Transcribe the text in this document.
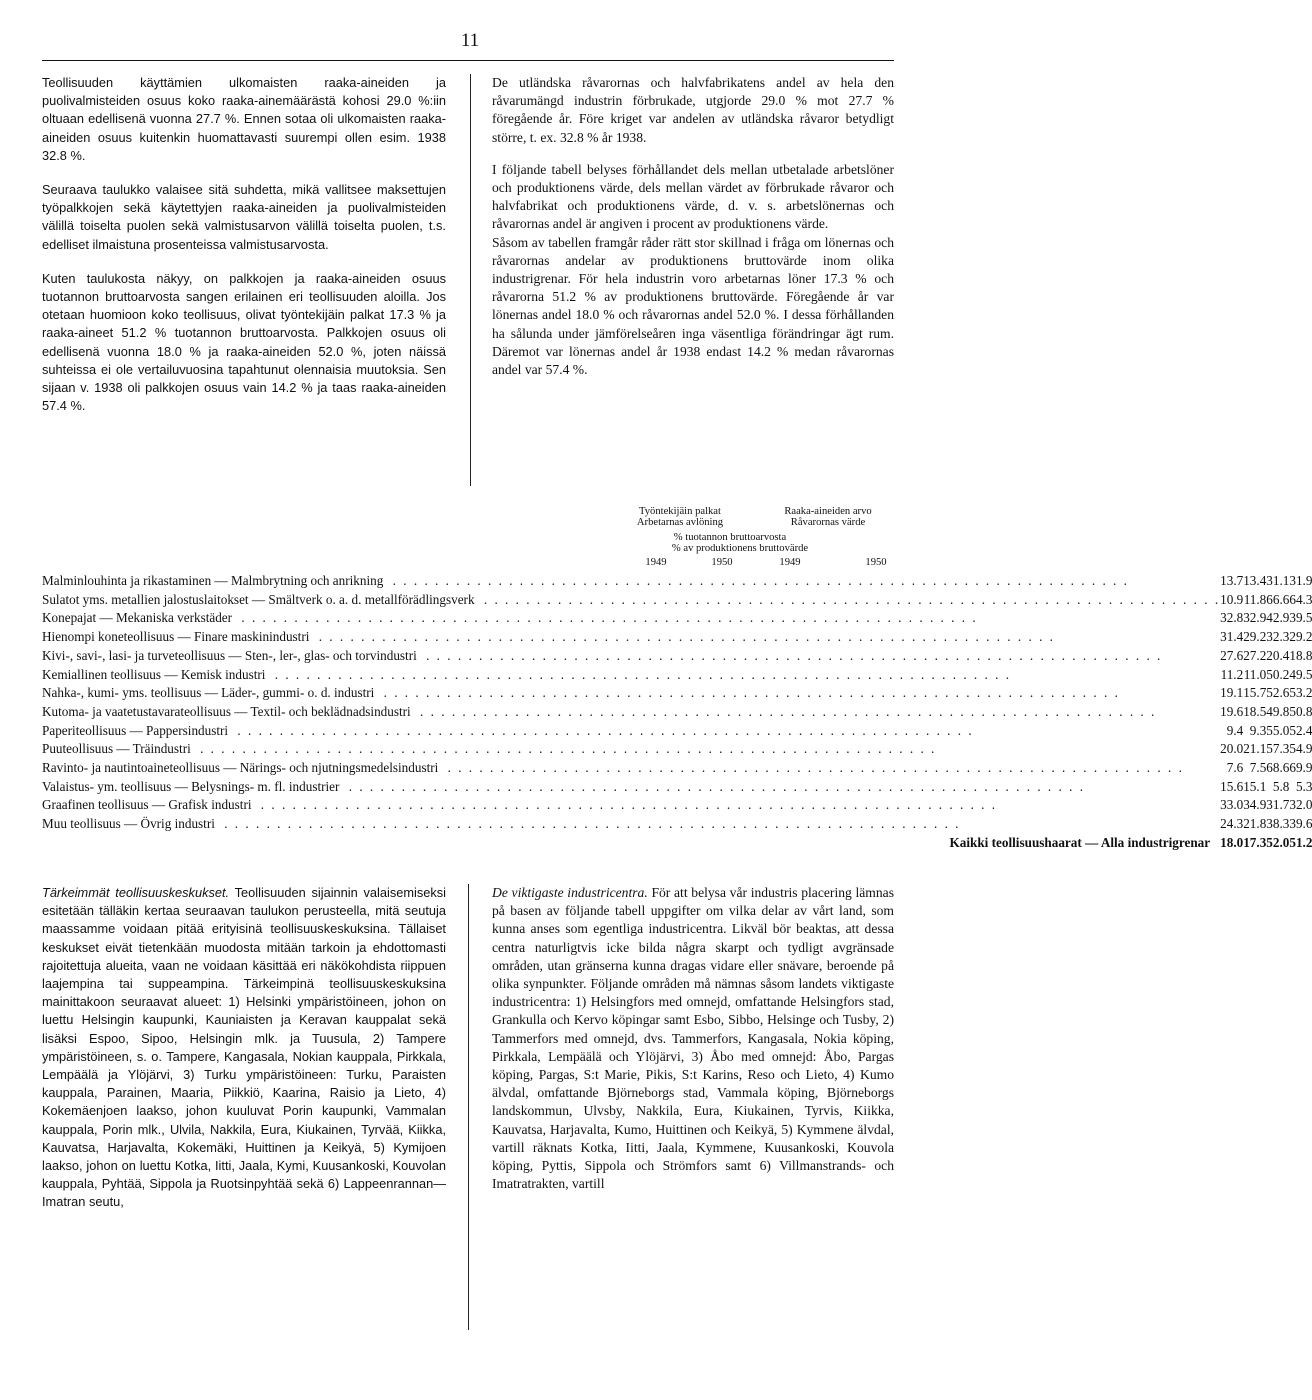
11

Teollisuuden käyttämien ulkomaisten raaka-aineiden ja puolivalmisteiden osuus koko raaka-ainemäärästä kohosi 29.0 %:iin oltuaan edellisenä vuonna 27.7 %. Ennen sotaa oli ulkomaisten raaka-aineiden osuus kuitenkin huomattavasti suurempi ollen esim. 1938 32.8 %.

Seuraava taulukko valaisee sitä suhdetta, mikä vallitsee maksettujen työpalkkojen sekä käytettyjen raaka-aineiden ja puolivalmisteiden välillä toiselta puolen sekä valmistusarvon välillä toiselta puolen, t.s. edelliset ilmaistuna prosenteissa valmistusarvosta.

Kuten taulukosta näkyy, on palkkojen ja raaka-aineiden osuus tuotannon bruttoarvosta sangen erilainen eri teollisuuden aloilla. Jos otetaan huomioon koko teollisuus, olivat työntekijäin palkat 17.3 % ja raaka-aineet 51.2 % tuotannon bruttoarvosta. Palkkojen osuus oli edellisenä vuonna 18.0 % ja raaka-aineiden 52.0 %, joten näissä suhteissa ei ole vertailuvuosina tapahtunut olennaisia muutoksia. Sen sijaan v. 1938 oli palkkojen osuus vain 14.2 % ja taas raaka-aineiden 57.4 %.

De utländska råvarornas och halvfabrikatens andel av hela den råvarumängd industrin förbrukade, utgjorde 29.0 % mot 27.7 % föregående år. Före kriget var andelen av utländska råvaror betydligt större, t. ex. 32.8 % år 1938.

I följande tabell belyses förhållandet dels mellan utbetalade arbetslöner och produktionens värde, dels mellan värdet av förbrukade råvaror och halvfabrikat och produktionens värde, d. v. s. arbetslönernas och råvarornas andel är angiven i procent av produktionens värde.

Såsom av tabellen framgår råder rätt stor skillnad i fråga om lönernas och råvarornas andelar av produktionens bruttovärde inom olika industrigrenar. För hela industrin voro arbetarnas löner 17.3 % och råvarorna 51.2 % av produktionens bruttovärde. Föregående år var lönernas andel 18.0 % och råvarornas andel 52.0 %. I dessa förhållanden ha sålunda under jämförelseåren inga väsentliga förändringar ägt rum. Däremot var lönernas andel år 1938 endast 14.2 % medan råvarornas andel var 57.4 %.

Työntekijäin palkat
Arbetarnas avlöning
Raaka-aineiden arvo
Råvarornas värde
% tuotannon bruttoarvosta
% av produktionens bruttovärde
1949	1950	1949	1950
Malminlouhinta ja rikastaminen — Malmbrytning och anrikning . . . . . . . . . . . . . . . . . . . . . . . . . . . . . . . . . . . . . . . . . . . . . . . . . . . . . . . . . . . . . . . . . . . . . .	13.7	13.4	31.1	31.9
Sulatot yms. metallien jalostuslaitokset — Smältverk o. a. d. metallförädlingsverk . . . . . . . . . . . . . . . . . . . . . . . . . . . . . . . . . . . . . . . . . . . . . . . . . . . . . . . . . . . . . . . . . . . . . .	10.9	11.8	66.6	64.3
Konepajat — Mekaniska verkstäder . . . . . . . . . . . . . . . . . . . . . . . . . . . . . . . . . . . . . . . . . . . . . . . . . . . . . . . . . . . . . . . . . . . . . .	32.8	32.9	42.9	39.5
Hienompi koneteollisuus — Finare maskinindustri . . . . . . . . . . . . . . . . . . . . . . . . . . . . . . . . . . . . . . . . . . . . . . . . . . . . . . . . . . . . . . . . . . . . . .	31.4	29.2	32.3	29.2
Kivi-, savi-, lasi- ja turveteollisuus — Sten-, ler-, glas- och torvindustri . . . . . . . . . . . . . . . . . . . . . . . . . . . . . . . . . . . . . . . . . . . . . . . . . . . . . . . . . . . . . . . . . . . . . .	27.6	27.2	20.4	18.8
Kemiallinen teollisuus — Kemisk industri . . . . . . . . . . . . . . . . . . . . . . . . . . . . . . . . . . . . . . . . . . . . . . . . . . . . . . . . . . . . . . . . . . . . . .	11.2	11.0	50.2	49.5
Nahka-, kumi- yms. teollisuus — Läder-, gummi- o. d. industri . . . . . . . . . . . . . . . . . . . . . . . . . . . . . . . . . . . . . . . . . . . . . . . . . . . . . . . . . . . . . . . . . . . . . .	19.1	15.7	52.6	53.2
Kutoma- ja vaatetustavarateollisuus — Textil- och beklädnadsindustri . . . . . . . . . . . . . . . . . . . . . . . . . . . . . . . . . . . . . . . . . . . . . . . . . . . . . . . . . . . . . . . . . . . . . .	19.6	18.5	49.8	50.8
Paperiteollisuus — Pappersindustri . . . . . . . . . . . . . . . . . . . . . . . . . . . . . . . . . . . . . . . . . . . . . . . . . . . . . . . . . . . . . . . . . . . . . .	9.4	9.3	55.0	52.4
Puuteollisuus — Träindustri . . . . . . . . . . . . . . . . . . . . . . . . . . . . . . . . . . . . . . . . . . . . . . . . . . . . . . . . . . . . . . . . . . . . . .	20.0	21.1	57.3	54.9
Ravinto- ja nautintoaineteollisuus — Närings- och njutningsmedelsindustri . . . . . . . . . . . . . . . . . . . . . . . . . . . . . . . . . . . . . . . . . . . . . . . . . . . . . . . . . . . . . . . . . . . . . .	7.6	7.5	68.6	69.9
Valaistus- ym. teollisuus — Belysnings- m. fl. industrier . . . . . . . . . . . . . . . . . . . . . . . . . . . . . . . . . . . . . . . . . . . . . . . . . . . . . . . . . . . . . . . . . . . . . .	15.6	15.1	5.8	5.3
Graafinen teollisuus — Grafisk industri . . . . . . . . . . . . . . . . . . . . . . . . . . . . . . . . . . . . . . . . . . . . . . . . . . . . . . . . . . . . . . . . . . . . . .	33.0	34.9	31.7	32.0
Muu teollisuus — Övrig industri . . . . . . . . . . . . . . . . . . . . . . . . . . . . . . . . . . . . . . . . . . . . . . . . . . . . . . . . . . . . . . . . . . . . . .	24.3	21.8	38.3	39.6
Kaikki teollisuushaarat — Alla industrigrenar	18.0	17.3	52.0	51.2

Tärkeimmät teollisuuskeskukset. Teollisuuden sijainnin valaisemiseksi esitetään tälläkin kertaa seuraavan taulukon perusteella, mitä seutuja maassamme voidaan pitää erityisinä teollisuuskeskuksina. Tällaiset keskukset eivät tietenkään muodosta mitään tarkoin ja ehdottomasti rajoitettuja alueita, vaan ne voidaan käsittää eri näkökohdista riippuen laajempina tai suppeampina. Tärkeimpinä teollisuuskeskuksina mainittakoon seuraavat alueet: 1) Helsinki ympäristöineen, johon on luettu Helsingin kaupunki, Kauniaisten ja Keravan kauppalat sekä lisäksi Espoo, Sipoo, Helsingin mlk. ja Tuusula, 2) Tampere ympäristöineen, s. o. Tampere, Kangasala, Nokian kauppala, Pirkkala, Lempäälä ja Ylöjärvi, 3) Turku ympäristöineen: Turku, Paraisten kauppala, Parainen, Maaria, Piikkiö, Kaarina, Raisio ja Lieto, 4) Kokemäenjoen laakso, johon kuuluvat Porin kaupunki, Vammalan kauppala, Porin mlk., Ulvila, Nakkila, Eura, Kiukainen, Tyrvää, Kiikka, Kauvatsa, Harjavalta, Kokemäki, Huittinen ja Keikyä, 5) Kymijoen laakso, johon on luettu Kotka, Iitti, Jaala, Kymi, Kuusankoski, Kouvolan kauppala, Pyhtää, Sippola ja Ruotsinpyhtää sekä 6) Lappeenrannan—Imatran seutu,

De viktigaste industricentra. För att belysa vår industris placering lämnas på basen av följande tabell uppgifter om vilka delar av vårt land, som kunna anses som egentliga industricentra. Likväl bör beaktas, att dessa centra naturligtvis icke bilda några skarpt och tydligt avgränsade områden, utan gränserna kunna dragas vidare eller snävare, beroende på olika synpunkter. Följande områden må nämnas såsom landets viktigaste industricentra: 1) Helsingfors med omnejd, omfattande Helsingfors stad, Grankulla och Kervo köpingar samt Esbo, Sibbo, Helsinge och Tusby, 2) Tammerfors med omnejd, dvs. Tammerfors, Kangasala, Nokia köping, Pirkkala, Lempäälä och Ylöjärvi, 3) Åbo med omnejd: Åbo, Pargas köping, Pargas, S:t Marie, Pikis, S:t Karins, Reso och Lieto, 4) Kumo älvdal, omfattande Björneborgs stad, Vammala köping, Björneborgs landskommun, Ulvsby, Nakkila, Eura, Kiukainen, Tyrvis, Kiikka, Kauvatsa, Harjavalta, Kumo, Huittinen och Keikyä, 5) Kymmene älvdal, vartill räknats Kotka, Iitti, Jaala, Kymmene, Kuusankoski, Kouvola köping, Pyttis, Sippola och Strömfors samt 6) Villmanstrands- och Imatratrakten, vartill
